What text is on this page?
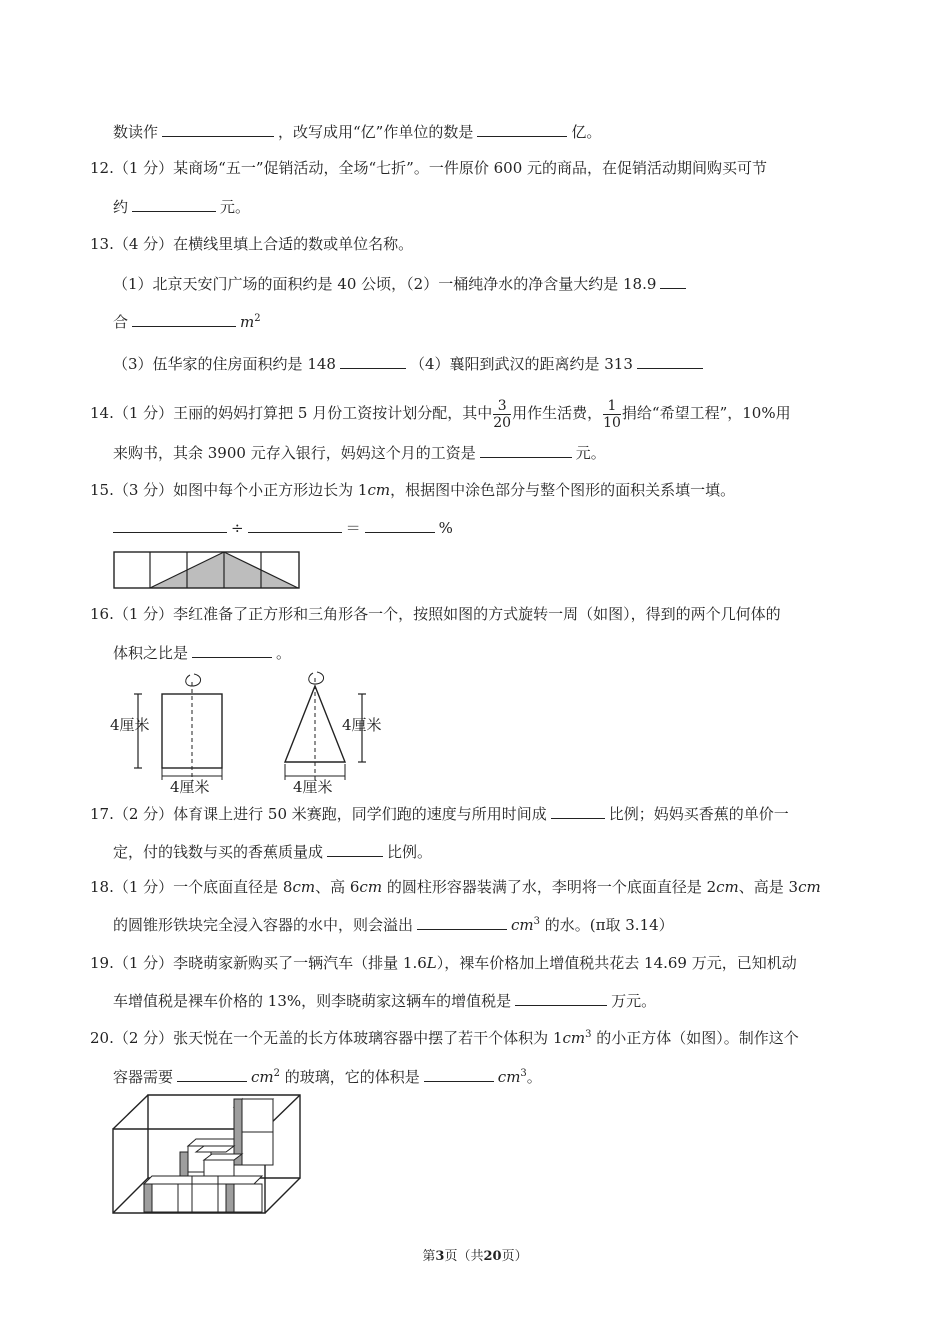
数读作	，改写成用“亿”作单位的数是	亿。
12.（1 分）某商场“五一”促销活动，全场“七折”。一件原价 600 元的商品，在促销活动期间购买可节
约	元。
13.（4 分）在横线里填上合适的数或单位名称。
（1）北京天安门广场的面积约是 40 公顷，（2）一桶纯净水的净含量大约是 18.9
合	$m^2$
（3）伍华家的住房面积约是 148	（4）襄阳到武汉的距离约是 313
14.（1 分）王丽的妈妈打算把 5 月份工资按计划分配，其中 $\frac{3}{20}$ 用作生活费， $\frac{1}{10}$ 捐给“希望工程”，10%用
来购书，其余 3900 元存入银行，妈妈这个月的工资是	元。
15.（3 分）如图中每个小正方形边长为 1cm，根据图中涂色部分与整个图形的面积关系填一填。
÷	＝	%
16.（1 分）李红准备了正方形和三角形各一个，按照如图的方式旋转一周（如图），得到的两个几何体的
体积之比是	。
4厘米
4厘米
4厘米
4厘米
17.（2 分）体育课上进行 50 米赛跑，同学们跑的速度与所用时间成	比例；妈妈买香蕉的单价一
定，付的钱数与买的香蕉质量成	比例。
18.（1 分）一个底面直径是 8cm、高 6cm 的圆柱形容器装满了水，李明将一个底面直径是 2cm、高是 3cm
的圆锥形铁块完全浸入容器的水中，则会溢出	$cm^3$ 的水。(π取 3.14）
19.（1 分）李晓萌家新购买了一辆汽车（排量 1.6L），裸车价格加上增值税共花去 14.69 万元，已知机动
车增值税是裸车价格的 13%，则李晓萌家这辆车的增值税是	万元。
20.（2 分）张天悦在一个无盖的长方体玻璃容器中摆了若干个体积为 $1cm^3$ 的小正方体（如图）。制作这个
容器需要	$cm^2$ 的玻璃，它的体积是	$cm^3$。
第3页（共20页）
